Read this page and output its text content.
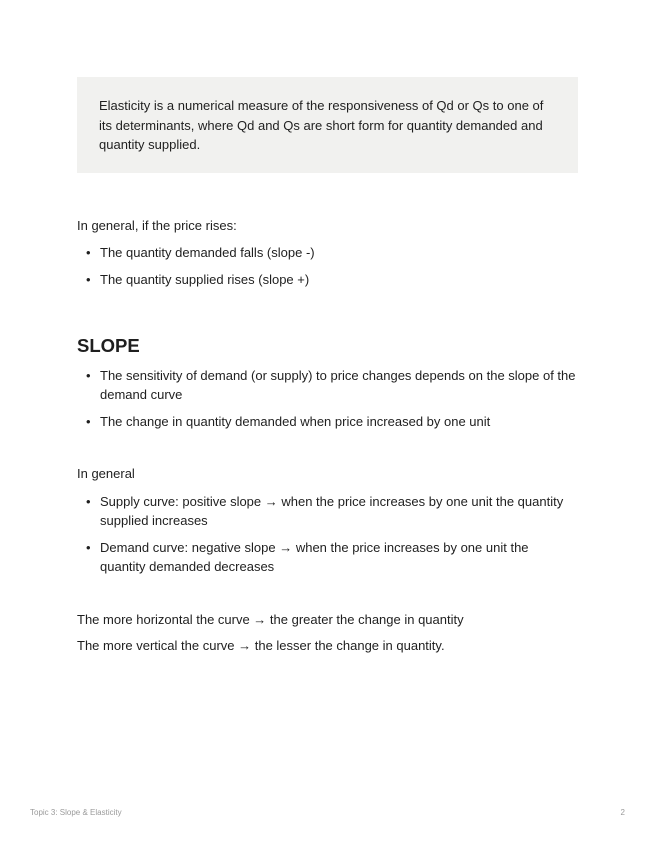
Elasticity is a numerical measure of the responsiveness of Qd or Qs to one of its determinants, where Qd and Qs are short form for quantity demanded and quantity supplied.

In general, if the price rises:

• The quantity demanded falls (slope -)
• The quantity supplied rises (slope +)
SLOPE
• The sensitivity of demand (or supply) to price changes depends on the slope of the demand curve
• The change in quantity demanded when price increased by one unit

In general

• Supply curve: positive slope → when the price increases by one unit the quantity supplied increases
• Demand curve: negative slope → when the price increases by one unit the quantity demanded decreases

The more horizontal the curve → the greater the change in quantity

The more vertical the curve → the lesser the change in quantity.

Topic 3: Slope & Elasticity	2
